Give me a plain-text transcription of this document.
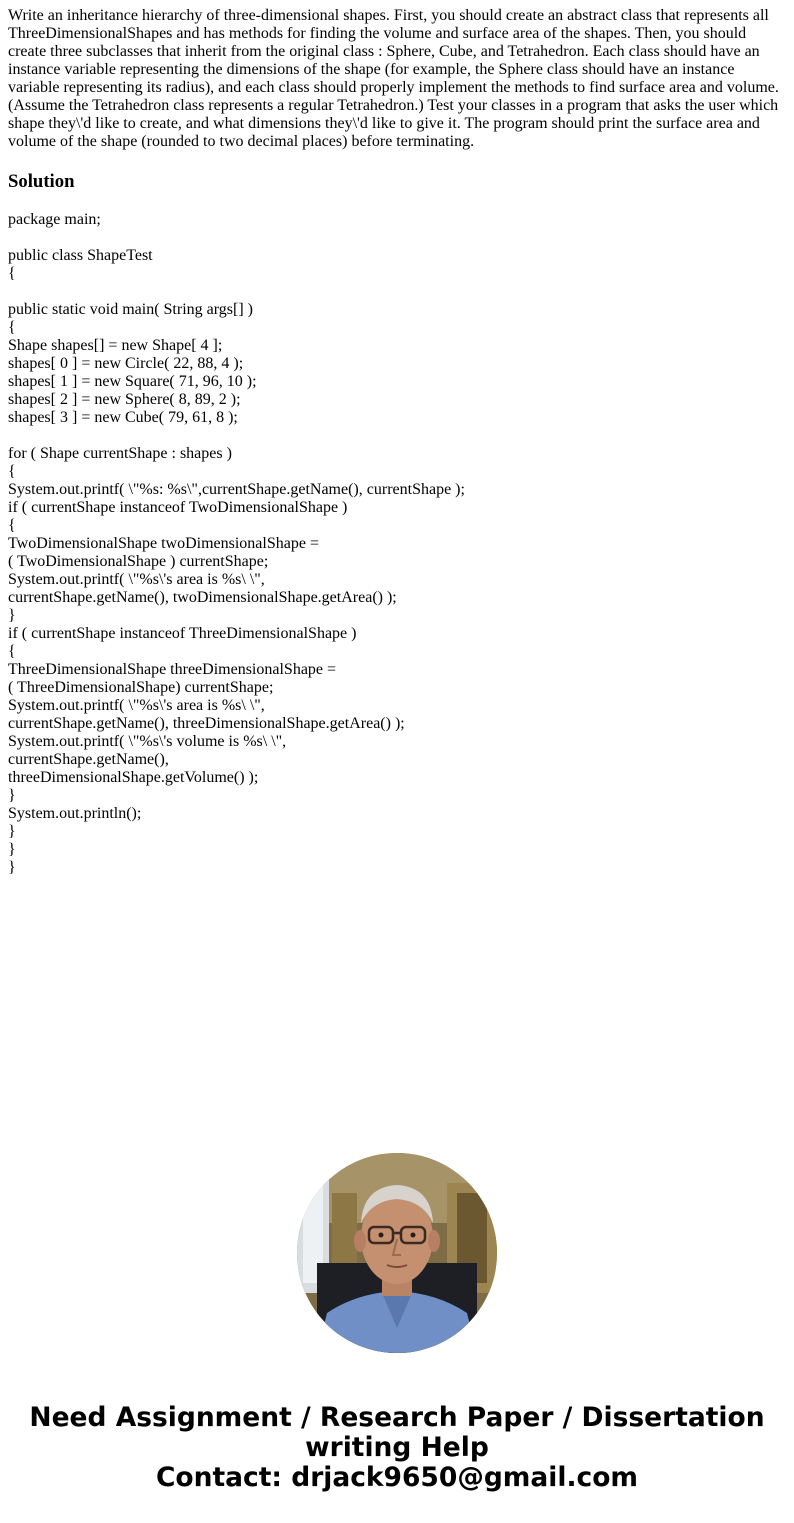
Write an inheritance hierarchy of three-dimensional shapes. First, you should create an abstract class that represents all ThreeDimensionalShapes and has methods for finding the volume and surface area of the shapes. Then, you should create three subclasses that inherit from the original class : Sphere, Cube, and Tetrahedron. Each class should have an instance variable representing the dimensions of the shape (for example, the Sphere class should have an instance variable representing its radius), and each class should properly implement the methods to find surface area and volume. (Assume the Tetrahedron class represents a regular Tetrahedron.) Test your classes in a program that asks the user which shape they\'d like to create, and what dimensions they\'d like to give it. The program should print the surface area and volume of the shape (rounded to two decimal places) before terminating.

Solution
package main;
public class ShapeTest
{
public static void main( String args[] )
{
Shape shapes[] = new Shape[ 4 ];
shapes[ 0 ] = new Circle( 22, 88, 4 );
shapes[ 1 ] = new Square( 71, 96, 10 );
shapes[ 2 ] = new Sphere( 8, 89, 2 );
shapes[ 3 ] = new Cube( 79, 61, 8 );
for ( Shape currentShape : shapes )
{
System.out.printf( \"%s: %s\",currentShape.getName(), currentShape );
if ( currentShape instanceof TwoDimensionalShape )
{
TwoDimensionalShape twoDimensionalShape =
( TwoDimensionalShape ) currentShape;
System.out.printf( \"%s\'s area is %s\ \",
currentShape.getName(), twoDimensionalShape.getArea() );
}
if ( currentShape instanceof ThreeDimensionalShape )
{
ThreeDimensionalShape threeDimensionalShape =
( ThreeDimensionalShape) currentShape;
System.out.printf( \"%s\'s area is %s\ \",
currentShape.getName(), threeDimensionalShape.getArea() );
System.out.printf( \"%s\'s volume is %s\ \",
currentShape.getName(),
threeDimensionalShape.getVolume() );
}
System.out.println();
}
}
}
Need Assignment / Research Paper / Dissertation
writing Help
Contact: drjack9650@gmail.com
